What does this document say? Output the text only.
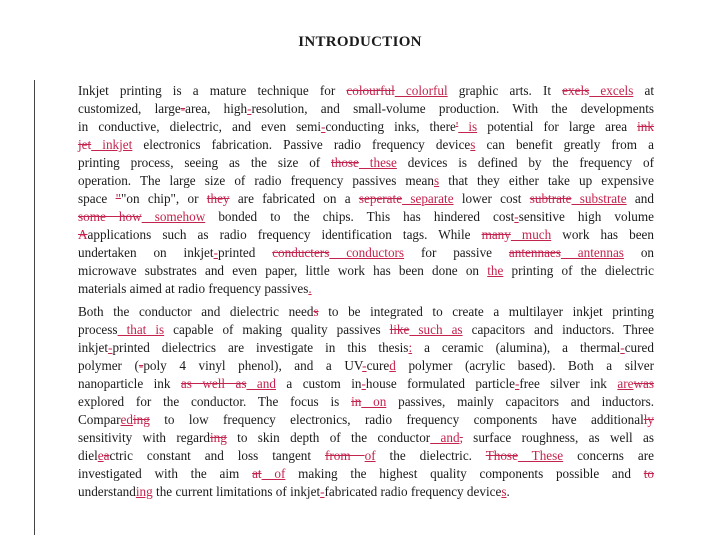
INTRODUCTION
Inkjet printing is a mature technique for colourful colorful graphic arts. It exels excels at
customized, large-area, high-resolution, and small-volume production. With the developments
in conductive, dielectric, and even semi-conducting inks, there' is potential for large area ink
jet inkjet electronics fabrication. Passive radio frequency devices can benefit greatly from a
printing process, seeing as the size of those these devices is defined by the frequency of
operation. The large size of radio frequency passives means that they either take up expensive
space ""on chip", or they are fabricated on a seperate separate lower cost subtrate substrate and
some how somehow bonded to the chips. This has hindered cost-sensitive high volume
Aapplications such as radio frequency identification tags. While many much work has been
undertaken on inkjet-printed conducters conductors for passive antennaes antennas on
microwave substrates and even paper, little work has been done on the printing of the dielectric
materials aimed at radio frequency passives.
Both the conductor and dielectric needs to be integrated to create a multilayer inkjet printing
process that is capable of making quality passives like such as capacitors and inductors. Three
inkjet-printed dielectrics are investigate in this thesis: a ceramic (alumina), a thermal-cured
polymer (-poly 4 vinyl phenol), and a UV-cured polymer (acrylic based). Both a silver
nanoparticle ink as well as and a custom in-house formulated particle-free silver ink arewas
explored for the conductor. The focus is in on passives, mainly capacitors and inductors.
Compareding to low frequency electronics, radio frequency components have additionally
sensitivity with regarding to skin depth of the conductor and, surface roughness, as well as
dieleactric constant and loss tangent from of the dielectric. Those These concerns are
investigated with the aim at of making the highest quality components possible and to
understanding the current limitations of inkjet-fabricated radio frequency devices.
